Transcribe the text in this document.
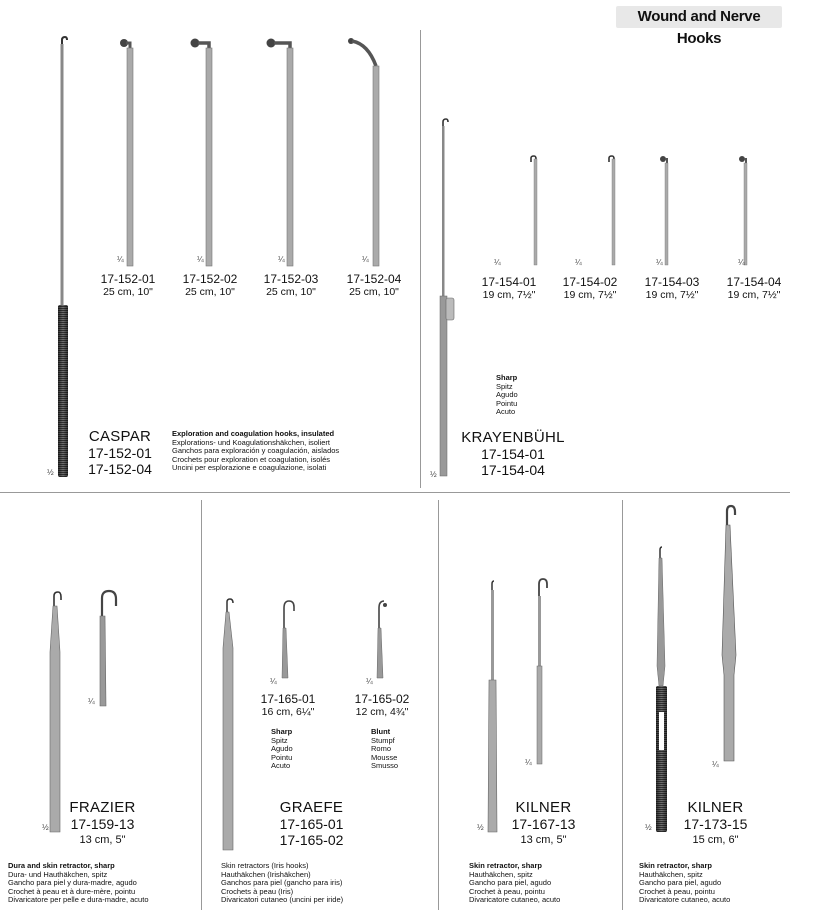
Wound and Nerve Hooks
½
¼	¼	¼	¼
17-152-01
25 cm, 10"
17-152-02
25 cm, 10"
17-152-03
25 cm, 10"
17-152-04
25 cm, 10"
CASPAR
17-152-01
17-152-04
Exploration and coagulation hooks, insulated
Explorations- und Koagulationshäkchen, isoliert
Ganchos para exploración y coagulación, aislados
Crochets pour exploration et coagulation, isolés
Uncini per esplorazione e coagulazione, isolati
½
¼	¼	¼	¼
17-154-01
19 cm, 7½"
17-154-02
19 cm, 7½"
17-154-03
19 cm, 7½"
17-154-04
19 cm, 7½"
Sharp
Spitz
Agudo
Pointu
Acuto
KRAYENBÜHL
17-154-01
17-154-04
¼
½
FRAZIER
17-159-13
13 cm, 5"
Dura and skin retractor, sharp
Dura- und Hauthäkchen, spitz
Gancho para piel y dura-madre, agudo
Crochet à peau et à dure-mère, pointu
Divaricatore per pelle e dura-madre, acuto
¼	¼
17-165-01
16 cm, 6¼"
17-165-02
12 cm, 4¾"
Sharp
Spitz
Agudo
Pointu
Acuto
Blunt
Stumpf
Romo
Mousse
Smusso
GRAEFE
17-165-01
17-165-02
Skin retractors (Iris hooks)
Hauthäkchen (Irishäkchen)
Ganchos para piel (gancho para iris)
Crochets à peau (Iris)
Divaricatori cutaneo (uncini per iride)
¼
½
KILNER
17-167-13
13 cm, 5"
Skin retractor, sharp
Hauthäkchen, spitz
Gancho para piel, agudo
Crochet à peau, pointu
Divaricatore cutaneo, acuto
¼
½
KILNER
17-173-15
15 cm, 6"
Skin retractor, sharp
Hauthäkchen, spitz
Gancho para piel, agudo
Crochet à peau, pointu
Divaricatore cutaneo, acuto
